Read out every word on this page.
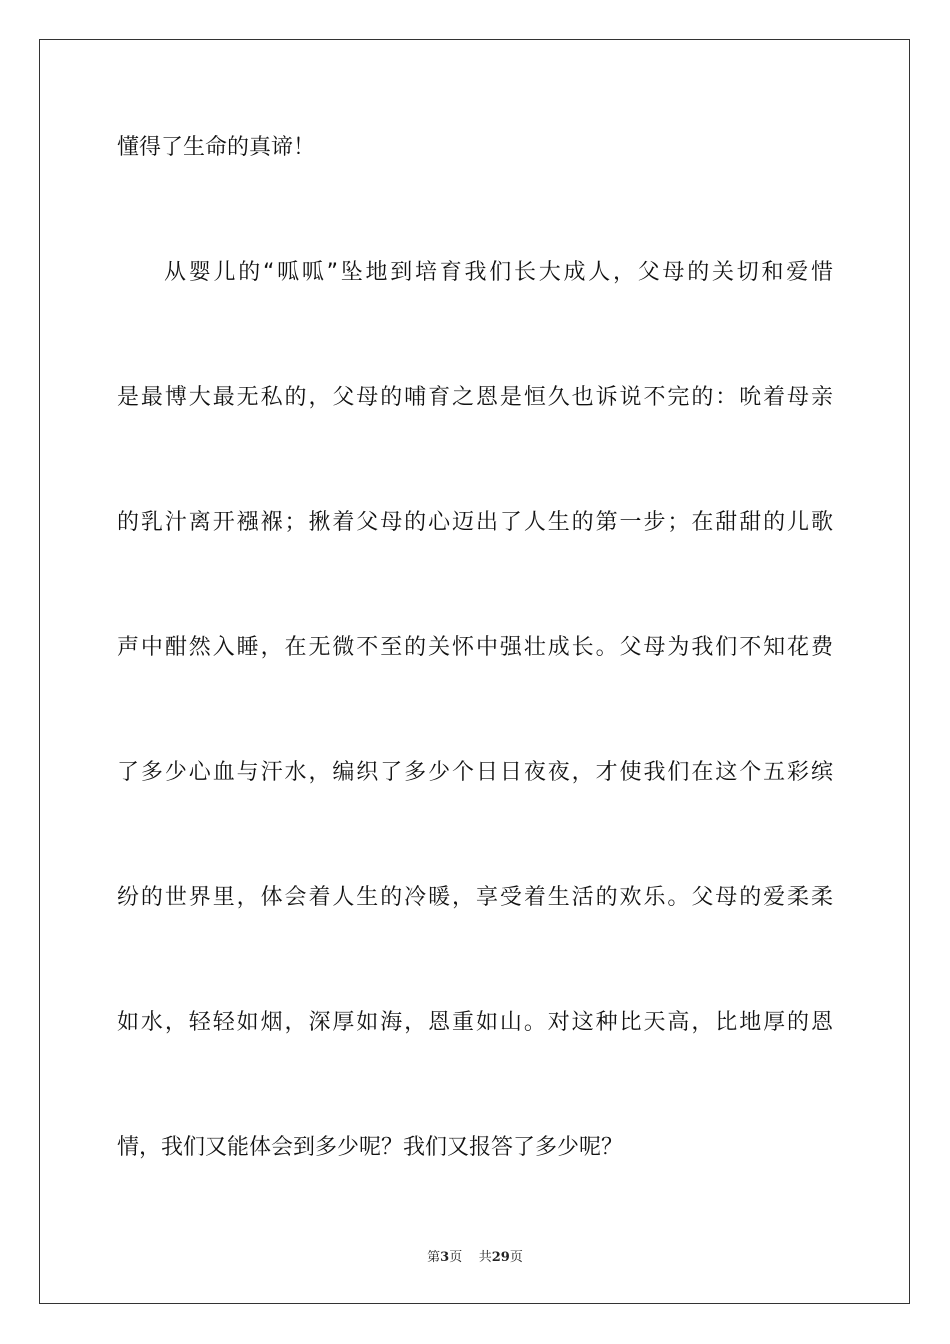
懂得了生命的真谛！
从婴儿的“呱呱”坠地到培育我们长大成人，父母的关切和爱惜
是最博大最无私的，父母的哺育之恩是恒久也诉说不完的：吮着母亲
的乳汁离开襁褓；揪着父母的心迈出了人生的第一步；在甜甜的儿歌
声中酣然入睡，在无微不至的关怀中强壮成长。父母为我们不知花费
了多少心血与汗水，编织了多少个日日夜夜，才使我们在这个五彩缤
纷的世界里，体会着人生的冷暖，享受着生活的欢乐。父母的爱柔柔
如水，轻轻如烟，深厚如海，恩重如山。对这种比天高，比地厚的恩
情，我们又能体会到多少呢？我们又报答了多少呢？
第3页 共29页
